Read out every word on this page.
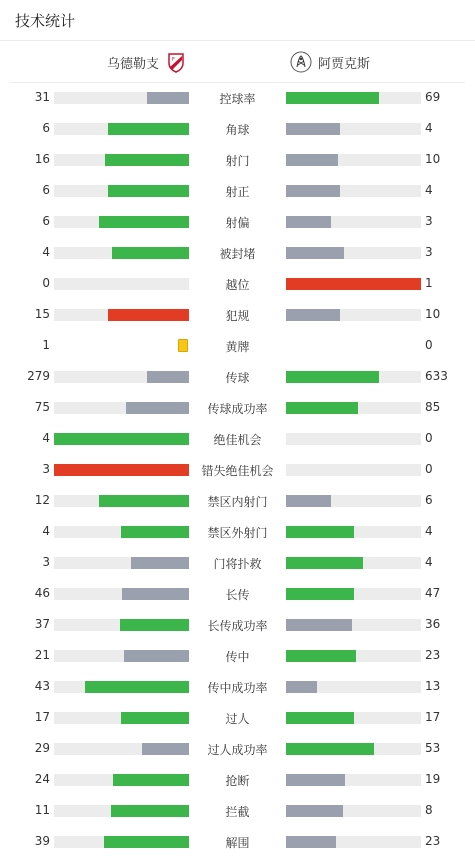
技术统计
乌德勒支	F	阿贾克斯
31	控球率	69
6	角球	4
16	射门	10
6	射正	4
6	射偏	3
4	被封堵	3
0	越位	1
15	犯规	10
1	黄牌	0
279	传球	633
75	传球成功率	85
4	绝佳机会	0
3	错失绝佳机会	0
12	禁区内射门	6
4	禁区外射门	4
3	门将扑救	4
46	长传	47
37	长传成功率	36
21	传中	23
43	传中成功率	13
17	过人	17
29	过人成功率	53
24	抢断	19
11	拦截	8
39	解围	23
